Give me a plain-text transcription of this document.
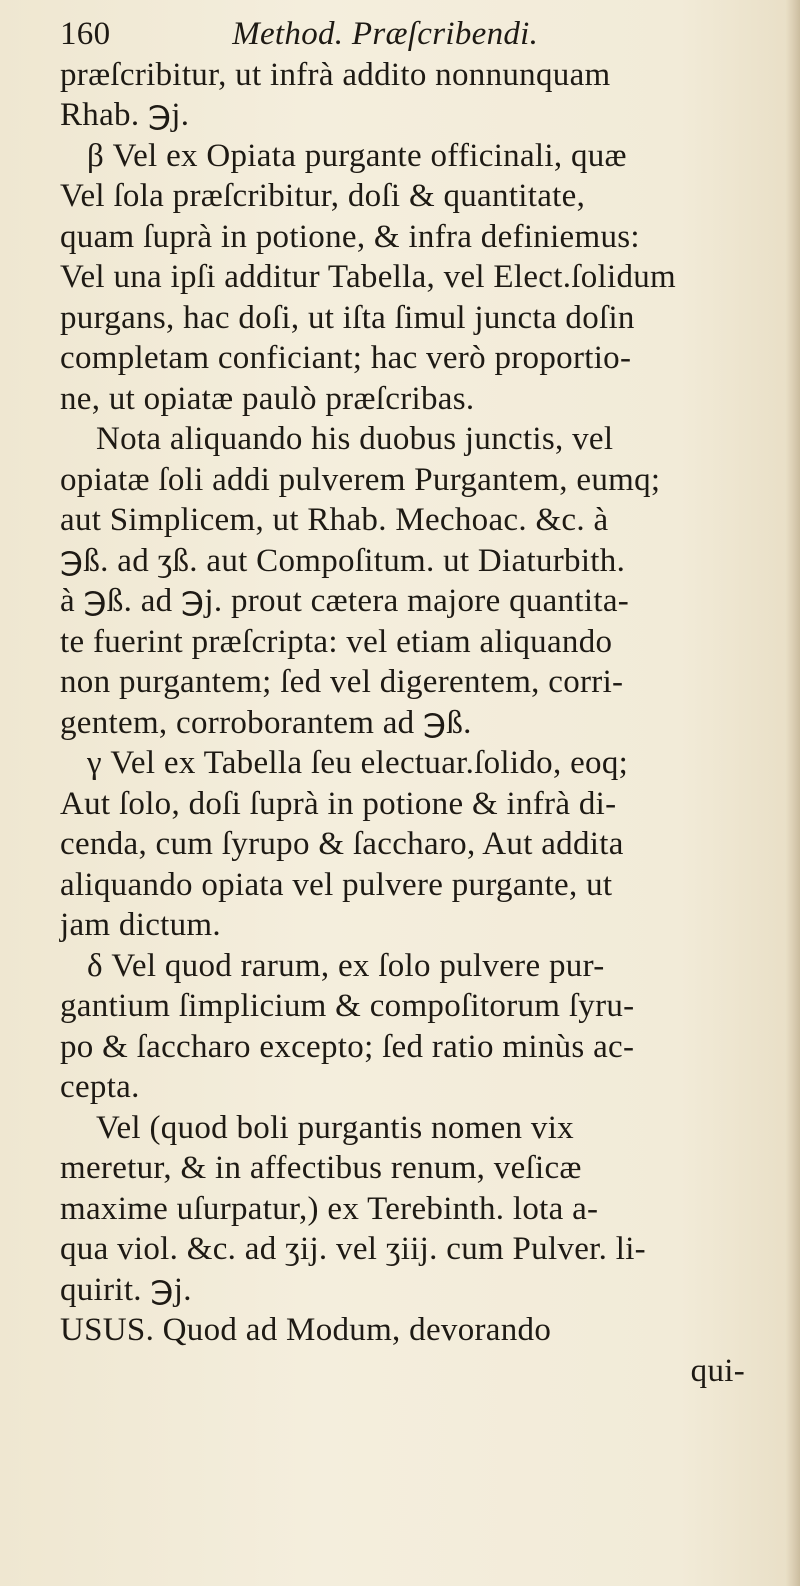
160	Method. Præſcribendi.
præſcribitur, ut infrà addito nonnunquam
Rhab. ℈j.
β Vel ex Opiata purgante officinali, quæ
Vel ſola præſcribitur, doſi & quantitate,
quam ſuprà in potione, & infra definiemus:
Vel una ipſi additur Tabella, vel Elect.ſolidum
purgans, hac doſi, ut iſta ſimul juncta doſin
completam conficiant; hac verò proportio-
ne, ut opiatæ paulò præſcribas.
Nota aliquando his duobus junctis, vel
opiatæ ſoli addi pulverem Purgantem, eumq;
aut Simplicem, ut Rhab. Mechoac. &c. à
℈ß. ad ʒß. aut Compoſitum. ut Diaturbith.
à ℈ß. ad ℈j. prout cætera majore quantita-
te fuerint præſcripta: vel etiam aliquando
non purgantem; ſed vel digerentem, corri-
gentem, corroborantem ad ℈ß.
γ Vel ex Tabella ſeu electuar.ſolido, eoq;
Aut ſolo, doſi ſuprà in potione & infrà di-
cenda, cum ſyrupo & ſaccharo, Aut addita
aliquando opiata vel pulvere purgante, ut
jam dictum.
δ Vel quod rarum, ex ſolo pulvere pur-
gantium ſimplicium & compoſitorum ſyru-
po & ſaccharo excepto; ſed ratio minùs ac-
cepta.
Vel (quod boli purgantis nomen vix
meretur, & in affectibus renum, veſicæ
maxime uſurpatur,) ex Terebinth. lota a-
qua viol. &c. ad ʒij. vel ʒiij. cum Pulver. li-
quirit. ℈j.
USUS. Quod ad Modum, devorando
qui-
